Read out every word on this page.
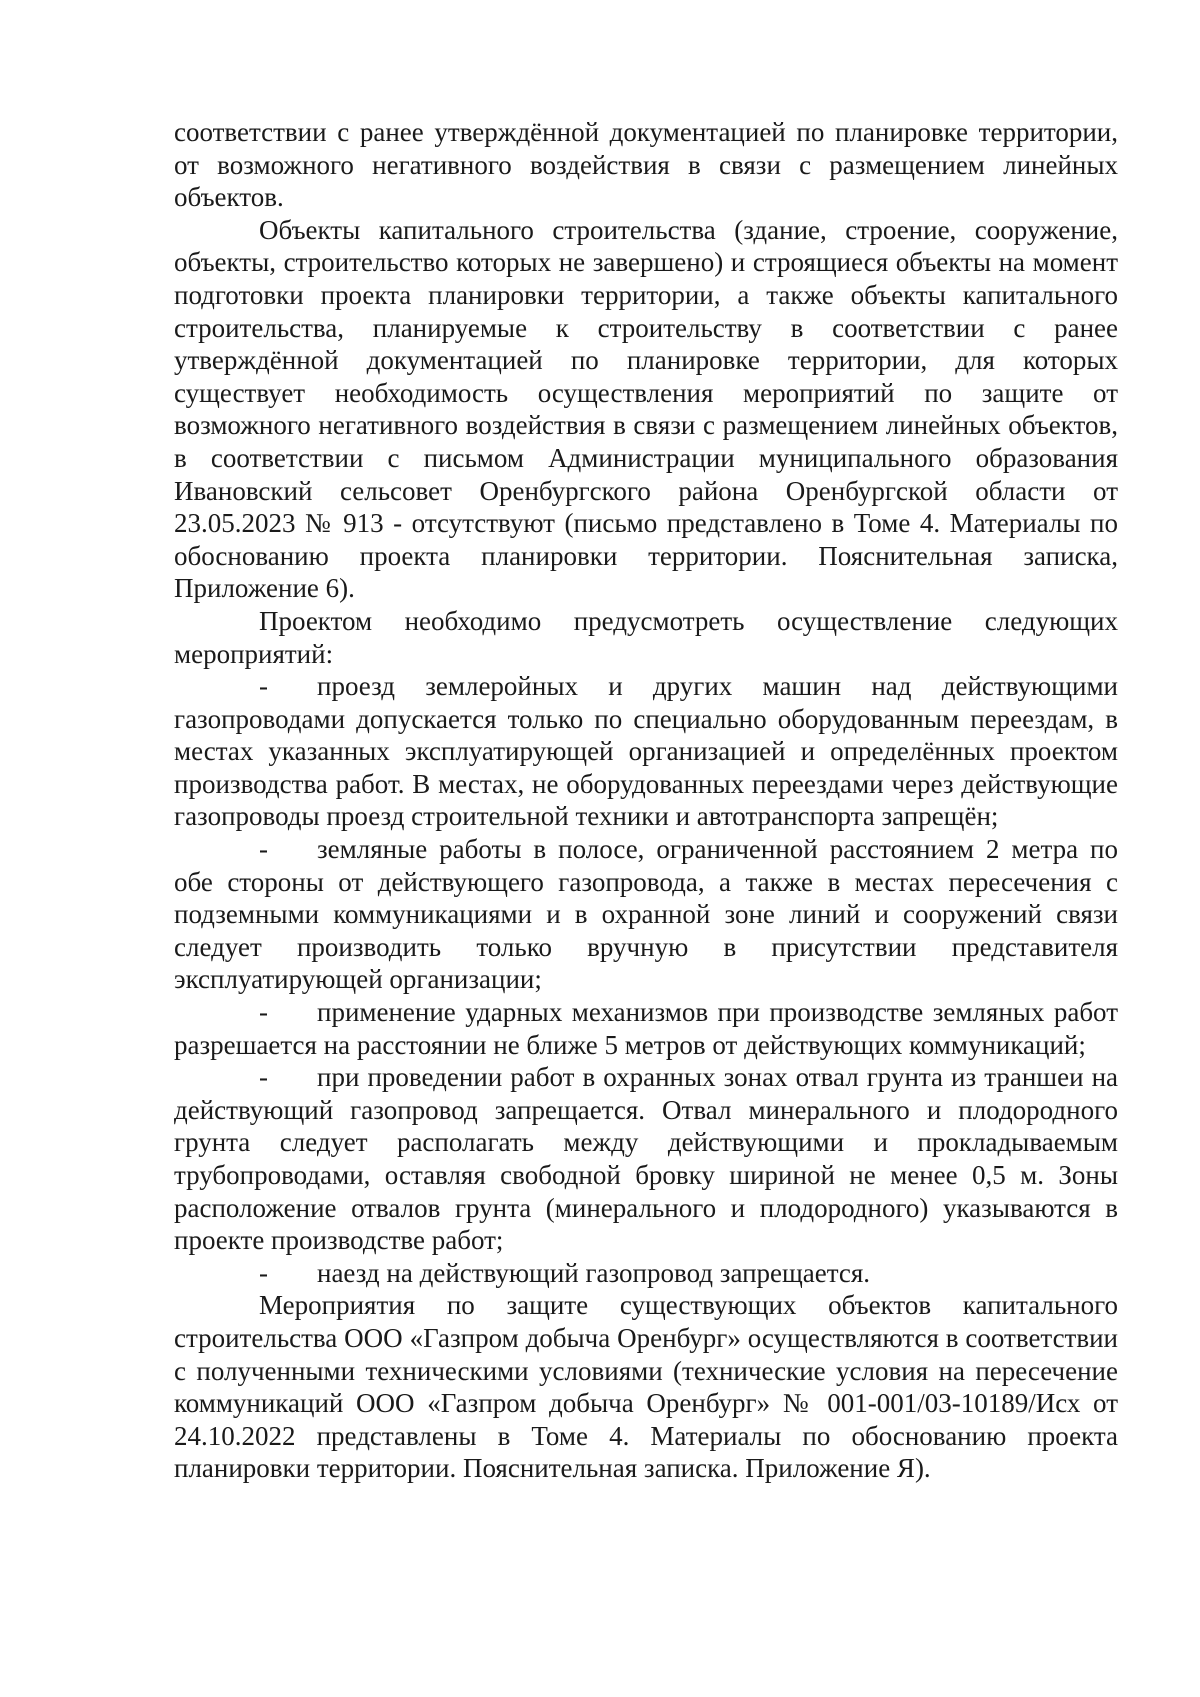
соответствии с ранее утверждённой документацией по планировке территории, от возможного негативного воздействия в связи с размещением линейных объектов.

Объекты капитального строительства (здание, строение, сооружение, объекты, строительство которых не завершено) и строящиеся объекты на момент подготовки проекта планировки территории, а также объекты капитального строительства, планируемые к строительству в соответствии с ранее утверждённой документацией по планировке территории, для которых существует необходимость осуществления мероприятий по защите от возможного негативного воздействия в связи с размещением линейных объектов, в соответствии с письмом Администрации муниципального образования Ивановский сельсовет Оренбургского района Оренбургской области от 23.05.2023 № 913 - отсутствуют (письмо представлено в Томе 4. Материалы по обоснованию проекта планировки территории. Пояснительная записка, Приложение 6).

Проектом необходимо предусмотреть осуществление следующих мероприятий:

- проезд землеройных и других машин над действующими газопроводами допускается только по специально оборудованным переездам, в местах указанных эксплуатирующей организацией и определённых проектом производства работ. В местах, не оборудованных переездами через действующие газопроводы проезд строительной техники и автотранспорта запрещён;

- земляные работы в полосе, ограниченной расстоянием 2 метра по обе стороны от действующего газопровода, а также в местах пересечения с подземными коммуникациями и в охранной зоне линий и сооружений связи следует производить только вручную в присутствии представителя эксплуатирующей организации;

- применение ударных механизмов при производстве земляных работ разрешается на расстоянии не ближе 5 метров от действующих коммуникаций;

- при проведении работ в охранных зонах отвал грунта из траншеи на действующий газопровод запрещается. Отвал минерального и плодородного грунта следует располагать между действующими и прокладываемым трубопроводами, оставляя свободной бровку шириной не менее 0,5 м. Зоны расположение отвалов грунта (минерального и плодородного) указываются в проекте производстве работ;

- наезд на действующий газопровод запрещается.

Мероприятия по защите существующих объектов капитального строительства ООО «Газпром добыча Оренбург» осуществляются в соответствии с полученными техническими условиями (технические условия на пересечение коммуникаций ООО «Газпром добыча Оренбург» № 001-001/03-10189/Исх от 24.10.2022 представлены в Томе 4. Материалы по обоснованию проекта планировки территории. Пояснительная записка. Приложение Я).
